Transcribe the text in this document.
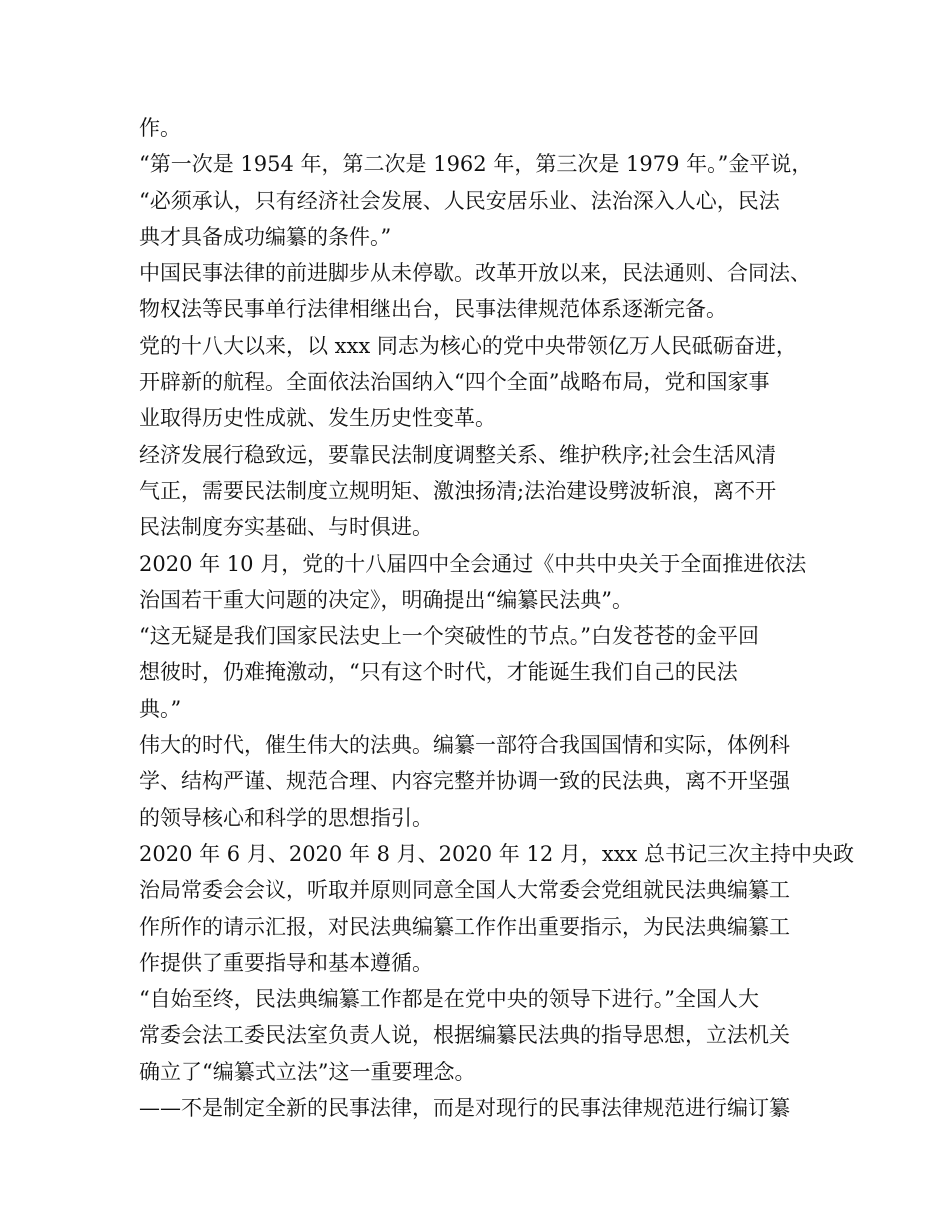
作。
“第一次是 1954 年，第二次是 1962 年，第三次是 1979 年。”金平说，
“必须承认，只有经济社会发展、人民安居乐业、法治深入人心，民法
典才具备成功编纂的条件。”
中国民事法律的前进脚步从未停歇。改革开放以来，民法通则、合同法、
物权法等民事单行法律相继出台，民事法律规范体系逐渐完备。
党的十八大以来，以 xxx 同志为核心的党中央带领亿万人民砥砺奋进，
开辟新的航程。全面依法治国纳入“四个全面”战略布局，党和国家事
业取得历史性成就、发生历史性变革。
经济发展行稳致远，要靠民法制度调整关系、维护秩序;社会生活风清
气正，需要民法制度立规明矩、激浊扬清;法治建设劈波斩浪，离不开
民法制度夯实基础、与时俱进。
2020 年 10 月，党的十八届四中全会通过《中共中央关于全面推进依法
治国若干重大问题的决定》，明确提出“编纂民法典”。
“这无疑是我们国家民法史上一个突破性的节点。”白发苍苍的金平回
想彼时，仍难掩激动，“只有这个时代，才能诞生我们自己的民法
典。”
伟大的时代，催生伟大的法典。编纂一部符合我国国情和实际，体例科
学、结构严谨、规范合理、内容完整并协调一致的民法典，离不开坚强
的领导核心和科学的思想指引。
2020 年 6 月、2020 年 8 月、2020 年 12 月，xxx 总书记三次主持中央政
治局常委会会议，听取并原则同意全国人大常委会党组就民法典编纂工
作所作的请示汇报，对民法典编纂工作作出重要指示，为民法典编纂工
作提供了重要指导和基本遵循。
“自始至终，民法典编纂工作都是在党中央的领导下进行。”全国人大
常委会法工委民法室负责人说，根据编纂民法典的指导思想，立法机关
确立了“编纂式立法”这一重要理念。
——不是制定全新的民事法律，而是对现行的民事法律规范进行编订纂
